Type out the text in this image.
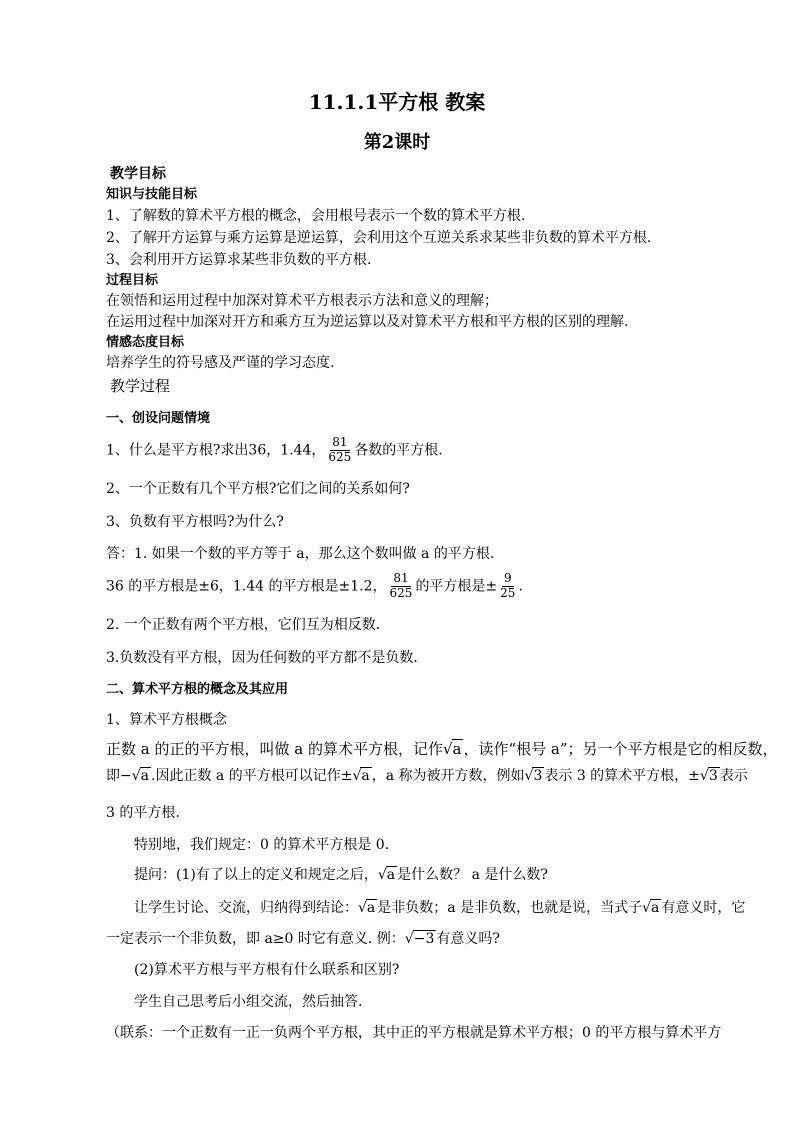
11.1.1平方根 教案
第2课时
教学目标
知识与技能目标
1、了解数的算术平方根的概念，会用根号表示一个数的算术平方根.
2、了解开方运算与乘方运算是逆运算，会利用这个互逆关系求某些非负数的算术平方根.
3、会利用开方运算求某些非负数的平方根.
过程目标
在领悟和运用过程中加深对算术平方根表示方法和意义的理解；
在运用过程中加深对开方和乘方互为逆运算以及对算术平方根和平方根的区别的理解.
情感态度目标
培养学生的符号感及严谨的学习态度.
教学过程
一、创设问题情境
1、什么是平方根?求出36，1.44， $\frac{81}{625}$ 各数的平方根.
2、一个正数有几个平方根?它们之间的关系如何?
3、负数有平方根吗?为什么?
答：1. 如果一个数的平方等于 a，那么这个数叫做 a 的平方根.
36 的平方根是±6，1.44 的平方根是±1.2， $\frac{81}{625}$ 的平方根是± $\frac{9}{25}$ .
2. 一个正数有两个平方根，它们互为相反数.
3.负数没有平方根，因为任何数的平方都不是负数.
二、算术平方根的概念及其应用
1、算术平方根概念
正数 a 的正的平方根，叫做 a 的算术平方根，记作√a ，读作“根号 a”；另一个平方根是它的相反数，
即−√a .因此正数 a 的平方根可以记作±√a ，a 称为被开方数，例如√3 表示 3 的算术平方根，±√3 表示
3 的平方根.
特别地，我们规定：0 的算术平方根是 0.
提问：(1)有了以上的定义和规定之后，√a 是什么数？ a 是什么数?
让学生讨论、交流，归纳得到结论：√a 是非负数；a 是非负数，也就是说，当式子√a 有意义时，它
一定表示一个非负数，即 a≥0 时它有意义. 例：√−3 有意义吗?
(2)算术平方根与平方根有什么联系和区别?
学生自己思考后小组交流，然后抽答.
（联系：一个正数有一正一负两个平方根，其中正的平方根就是算术平方根；0 的平方根与算术平方
